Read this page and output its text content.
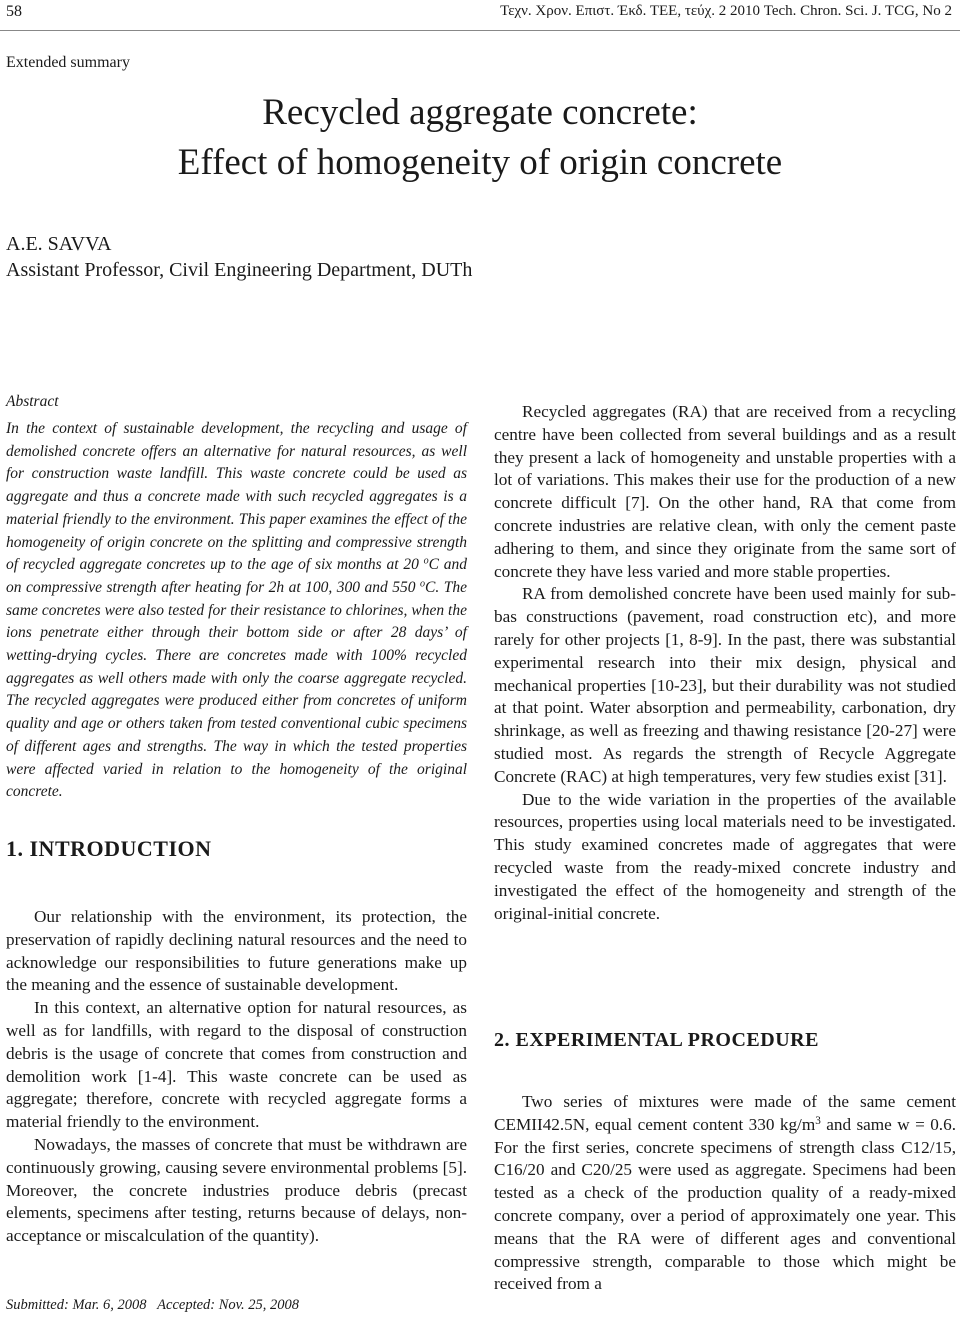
58	Τεχν. Χρον. Επιστ. Έκδ. ΤΕΕ, τεύχ. 2 2010 Tech. Chron. Sci. J. TCG, No 2
Extended summary
Recycled aggregate concrete:
Effect of homogeneity of origin concrete
A.E. SAVVA
Assistant Professor, Civil Engineering Department, DUTh
Abstract

In the context of sustainable development, the recycling and usage of demolished concrete offers an alternative for natural resources, as well for construction waste landfill. This waste concrete could be used as aggregate and thus a concrete made with such recycled aggregates is a material friendly to the environment. This paper examines the effect of the homogeneity of origin concrete on the splitting and compressive strength of recycled aggregate concretes up to the age of six months at 20 $^o$C and on compressive strength after heating for 2h at 100, 300 and 550 $^o$C. The same concretes were also tested for their resistance to chlorines, when the ions penetrate either through their bottom side or after 28 days’ of wetting-drying cycles. There are concretes made with 100% recycled aggregates as well others made with only the coarse aggregate recycled. The recycled aggregates were produced either from concretes of uniform quality and age or others taken from tested conventional cubic specimens of different ages and strengths. The way in which the tested properties were affected varied in relation to the homogeneity of the original concrete.

1. INTRODUCTION

Our relationship with the environment, its protection, the preservation of rapidly declining natural resources and the need to acknowledge our responsibilities to future generations make up the meaning and the essence of sustainable development.

In this context, an alternative option for natural resources, as well as for landfills, with regard to the disposal of construction debris is the usage of concrete that comes from construction and demolition work [1-4]. This waste concrete can be used as aggregate; therefore, concrete with recycled aggregate forms a material friendly to the environment.

Nowadays, the masses of concrete that must be withdrawn are continuously growing, causing severe environmental problems [5]. Moreover, the concrete industries produce debris (precast elements, specimens after testing, returns because of delays, non-acceptance or miscalculation of the quantity).

Submitted: Mar. 6, 2008   Accepted: Nov. 25, 2008

Recycled aggregates (RA) that are received from a recycling centre have been collected from several buildings and as a result they present a lack of homogeneity and unstable properties with a lot of variations. This makes their use for the production of a new concrete difficult [7]. On the other hand, RA that come from concrete industries are relative clean, with only the cement paste adhering to them, and since they originate from the same sort of concrete they have less varied and more stable properties.

RA from demolished concrete have been used mainly for sub-bas constructions (pavement, road construction etc), and more rarely for other projects [1, 8-9]. In the past, there was substantial experimental research into their mix design, physical and mechanical properties [10-23], but their durability was not studied at that point. Water absorption and permeability, carbonation, dry shrinkage, as well as freezing and thawing resistance [20-27] were studied most. As regards the strength of Recycle Aggregate Concrete (RAC) at high temperatures, very few studies exist [31].

Due to the wide variation in the properties of the available resources, properties using local materials need to be investigated. This study examined concretes made of aggregates that were recycled waste from the ready-mixed concrete industry and investigated the effect of the homogeneity and strength of the original-initial concrete.

2. EXPERIMENTAL PROCEDURE

Two series of mixtures were made of the same cement CEMII42.5N, equal cement content 330 $kg/m^3$ and same w = 0.6. For the first series, concrete specimens of strength class C12/15, C16/20 and C20/25 were used as aggregate. Specimens had been tested as a check of the production quality of a ready-mixed concrete company, over a period of approximately one year. This means that the RA were of different ages and conventional compressive strength, comparable to those which might be received from a
